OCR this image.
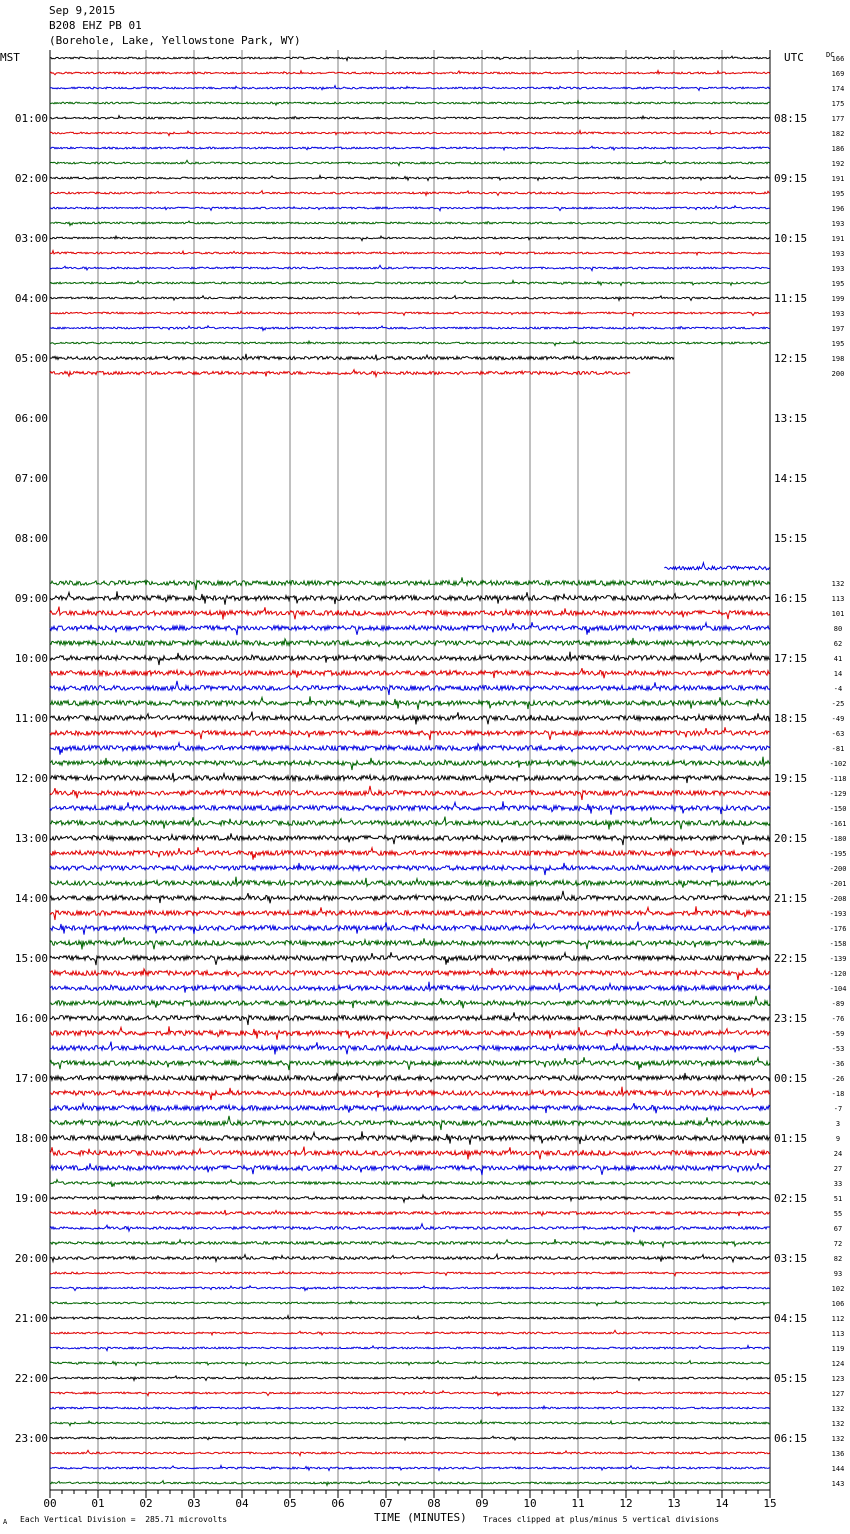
Sep 9,2015
B208 EHZ PB 01
(Borehole, Lake, Yellowstone Park, WY)
00	01	02	03	04	05	06	07	08	09	10	11	12	13	14	15
MST	UTC	DC
01:00
02:00
03:00
04:00
05:00
06:00
07:00
08:00
09:00
10:00
11:00
12:00
13:00
14:00
15:00
16:00
17:00
18:00
19:00
20:00
21:00
22:00
23:00
08:15
09:15
10:15
11:15
12:15
13:15
14:15
15:15
16:15
17:15
18:15
19:15
20:15
21:15
22:15
23:15
00:15
01:15
02:15
03:15
04:15
05:15
06:15
166
169
174
175
177
182
186
192
191
195
196
193
191
193
193
195
199
193
197
195
198
200
132
113
101
80
62
41
14
-4
-25
-49
-63
-81
-102
-118
-129
-150
-161
-180
-195
-200
-201
-208
-193
-176
-158
-139
-120
-104
-89
-76
-59
-53
-36
-26
-18
-7
3
9
24
27
33
51
55
67
72
82
93
102
106
112
113
119
124
123
127
132
132
132
136
144
143
A Each Vertical Division =  285.71 microvolts	TIME (MINUTES) Traces clipped at plus/minus 5 vertical divisions
